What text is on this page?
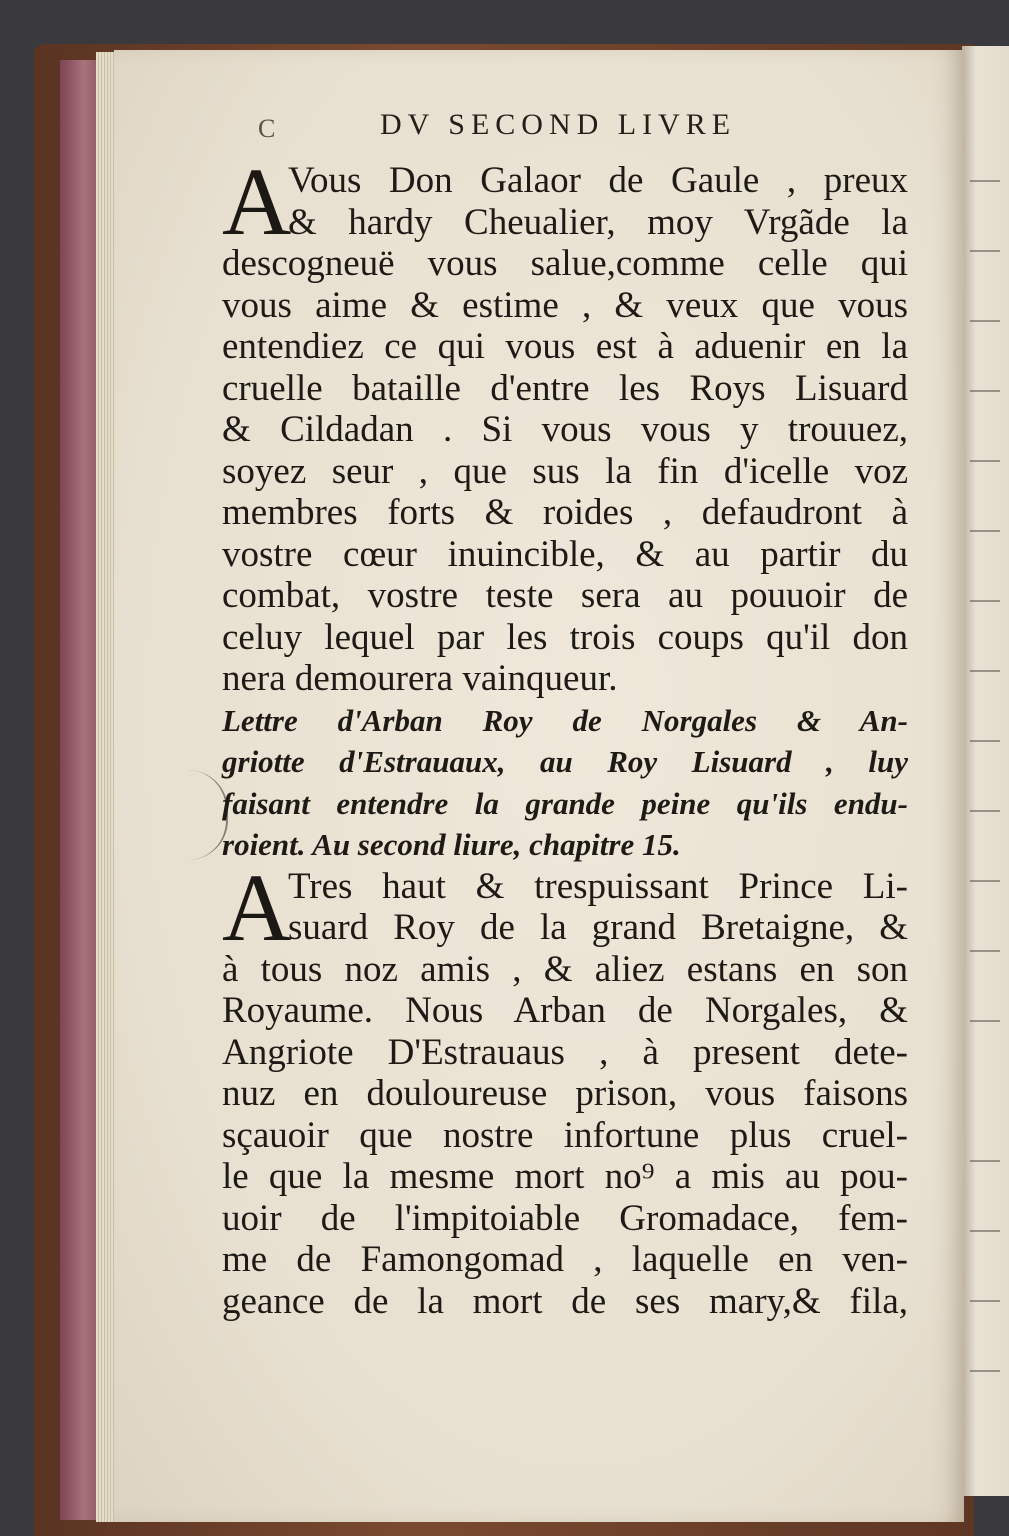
C	DV SECOND LIVRE
A
Vous Don Galaor de Gaule , preux
& hardy Cheualier, moy Vrgãde la
descogneuë vous salue,comme celle qui
vous aime & estime , & veux que vous
entendiez ce qui vous est à aduenir en la
cruelle bataille d'entre les Roys Lisuard
& Cildadan . Si vous vous y trouuez,
soyez seur , que sus la fin d'icelle voz
membres forts & roides , defaudront à
vostre cœur inuincible, & au partir du
combat, vostre teste sera au pouuoir de
celuy lequel par les trois coups qu'il don
nera demourera vainqueur.
Lettre d'Arban Roy de Norgales & An-
griotte d'Estrauaux, au Roy Lisuard , luy
faisant entendre la grande peine qu'ils endu-
roient. Au second liure, chapitre 15.
A
Tres haut & trespuissant Prince Li-
suard Roy de la grand Bretaigne, &
à tous noz amis , & aliez estans en son
Royaume. Nous Arban de Norgales, &
Angriote D'Estrauaus , à present dete-
nuz en douloureuse prison, vous faisons
sçauoir que nostre infortune plus cruel-
le que la mesme mort no⁹ a mis au pou-
uoir de l'impitoiable Gromadace, fem-
me de Famongomad , laquelle en ven-
geance de la mort de ses mary,& fila,
